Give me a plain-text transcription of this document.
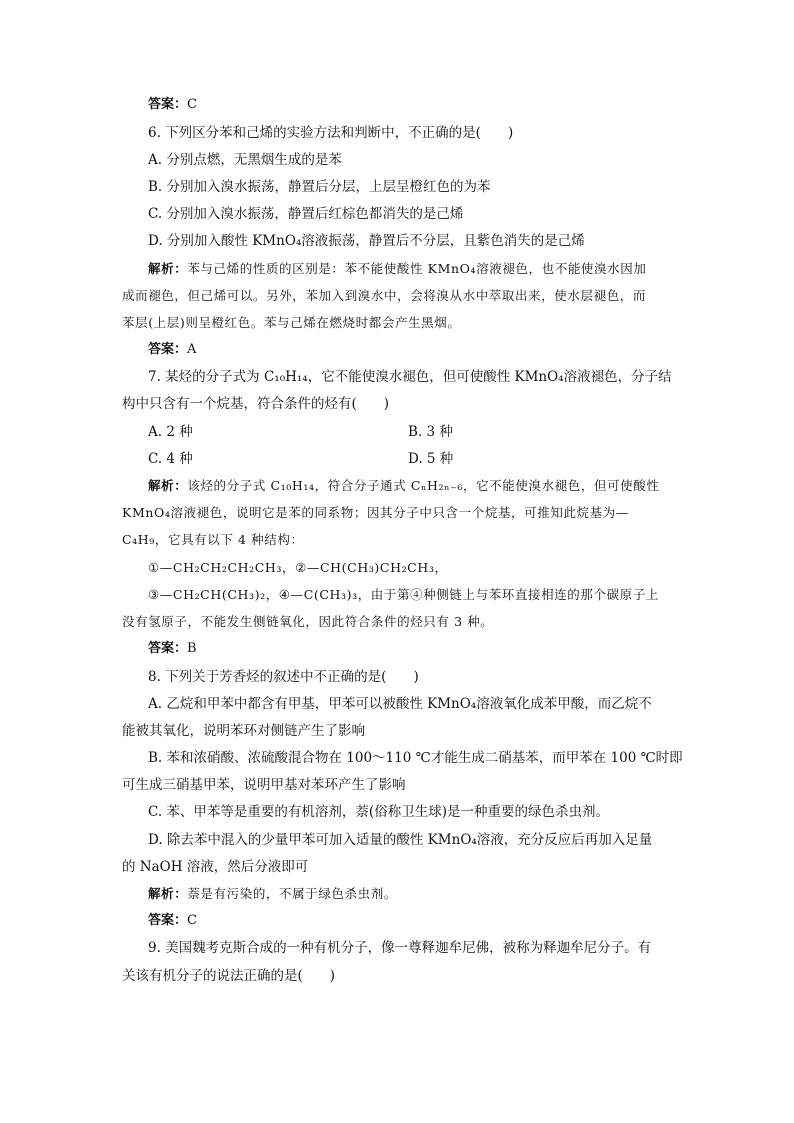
答案：C
6. 下列区分苯和己烯的实验方法和判断中，不正确的是(　　)
A. 分别点燃，无黑烟生成的是苯
B. 分别加入溴水振荡，静置后分层，上层呈橙红色的为苯
C. 分别加入溴水振荡，静置后红棕色都消失的是己烯
D. 分别加入酸性 KMnO₄溶液振荡，静置后不分层，且紫色消失的是己烯
解析：苯与己烯的性质的区别是：苯不能使酸性 KMnO₄溶液褪色，也不能使溴水因加
成而褪色，但己烯可以。另外，苯加入到溴水中，会将溴从水中萃取出来，使水层褪色，而
苯层(上层)则呈橙红色。苯与己烯在燃烧时都会产生黑烟。
答案：A
7. 某烃的分子式为 C₁₀H₁₄，它不能使溴水褪色，但可使酸性 KMnO₄溶液褪色，分子结
构中只含有一个烷基，符合条件的烃有(　　)
A. 2 种	B. 3 种
C. 4 种	D. 5 种
解析：该烃的分子式 C₁₀H₁₄，符合分子通式 CₙH₂ₙ₋₆，它不能使溴水褪色，但可使酸性
KMnO₄溶液褪色，说明它是苯的同系物；因其分子中只含一个烷基，可推知此烷基为—
C₄H₉，它具有以下 4 种结构：
①—CH₂CH₂CH₂CH₃，②—CH(CH₃)CH₂CH₃，
③—CH₂CH(CH₃)₂，④—C(CH₃)₃，由于第④种侧链上与苯环直接相连的那个碳原子上
没有氢原子，不能发生侧链氧化，因此符合条件的烃只有 3 种。
答案：B
8. 下列关于芳香烃的叙述中不正确的是(　　)
A. 乙烷和甲苯中都含有甲基，甲苯可以被酸性 KMnO₄溶液氧化成苯甲酸，而乙烷不
能被其氧化，说明苯环对侧链产生了影响
B. 苯和浓硝酸、浓硫酸混合物在 100～110 ℃才能生成二硝基苯，而甲苯在 100 ℃时即
可生成三硝基甲苯，说明甲基对苯环产生了影响
C. 苯、甲苯等是重要的有机溶剂，萘(俗称卫生球)是一种重要的绿色杀虫剂。
D. 除去苯中混入的少量甲苯可加入适量的酸性 KMnO₄溶液，充分反应后再加入足量
的 NaOH 溶液，然后分液即可
解析：萘是有污染的，不属于绿色杀虫剂。
答案：C
9. 美国魏考克斯合成的一种有机分子，像一尊释迦牟尼佛，被称为释迦牟尼分子。有
关该有机分子的说法正确的是(　　)
